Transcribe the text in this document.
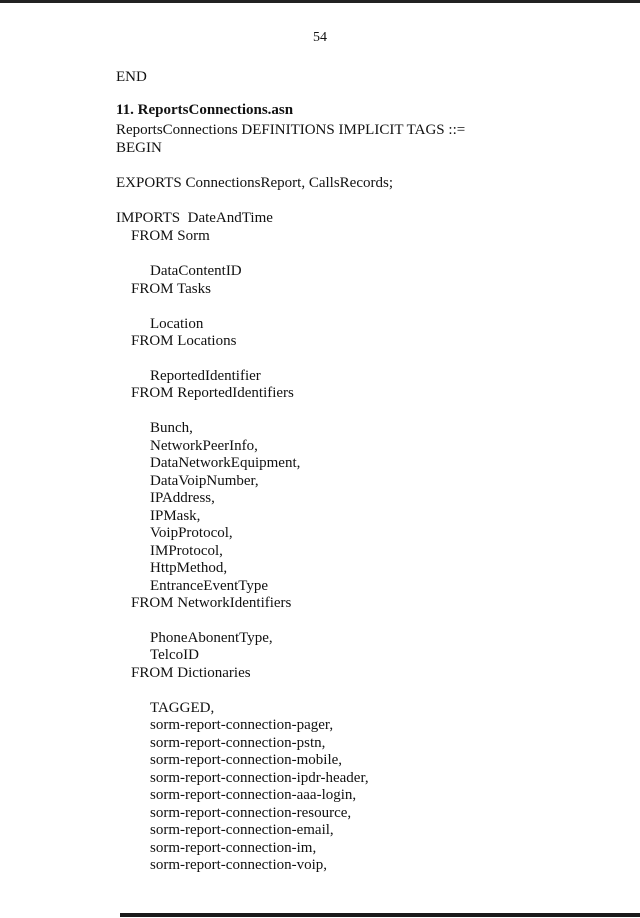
54
END
11. ReportsConnections.asn
ReportsConnections DEFINITIONS IMPLICIT TAGS ::=
BEGIN
EXPORTS ConnectionsReport, CallsRecords;
IMPORTS  DateAndTime
FROM Sorm
DataContentID
FROM Tasks
Location
FROM Locations
ReportedIdentifier
FROM ReportedIdentifiers
Bunch,
NetworkPeerInfo,
DataNetworkEquipment,
DataVoipNumber,
IPAddress,
IPMask,
VoipProtocol,
IMProtocol,
HttpMethod,
EntranceEventType
FROM NetworkIdentifiers
PhoneAbonentType,
TelcoID
FROM Dictionaries
TAGGED,
sorm-report-connection-pager,
sorm-report-connection-pstn,
sorm-report-connection-mobile,
sorm-report-connection-ipdr-header,
sorm-report-connection-aaa-login,
sorm-report-connection-resource,
sorm-report-connection-email,
sorm-report-connection-im,
sorm-report-connection-voip,
